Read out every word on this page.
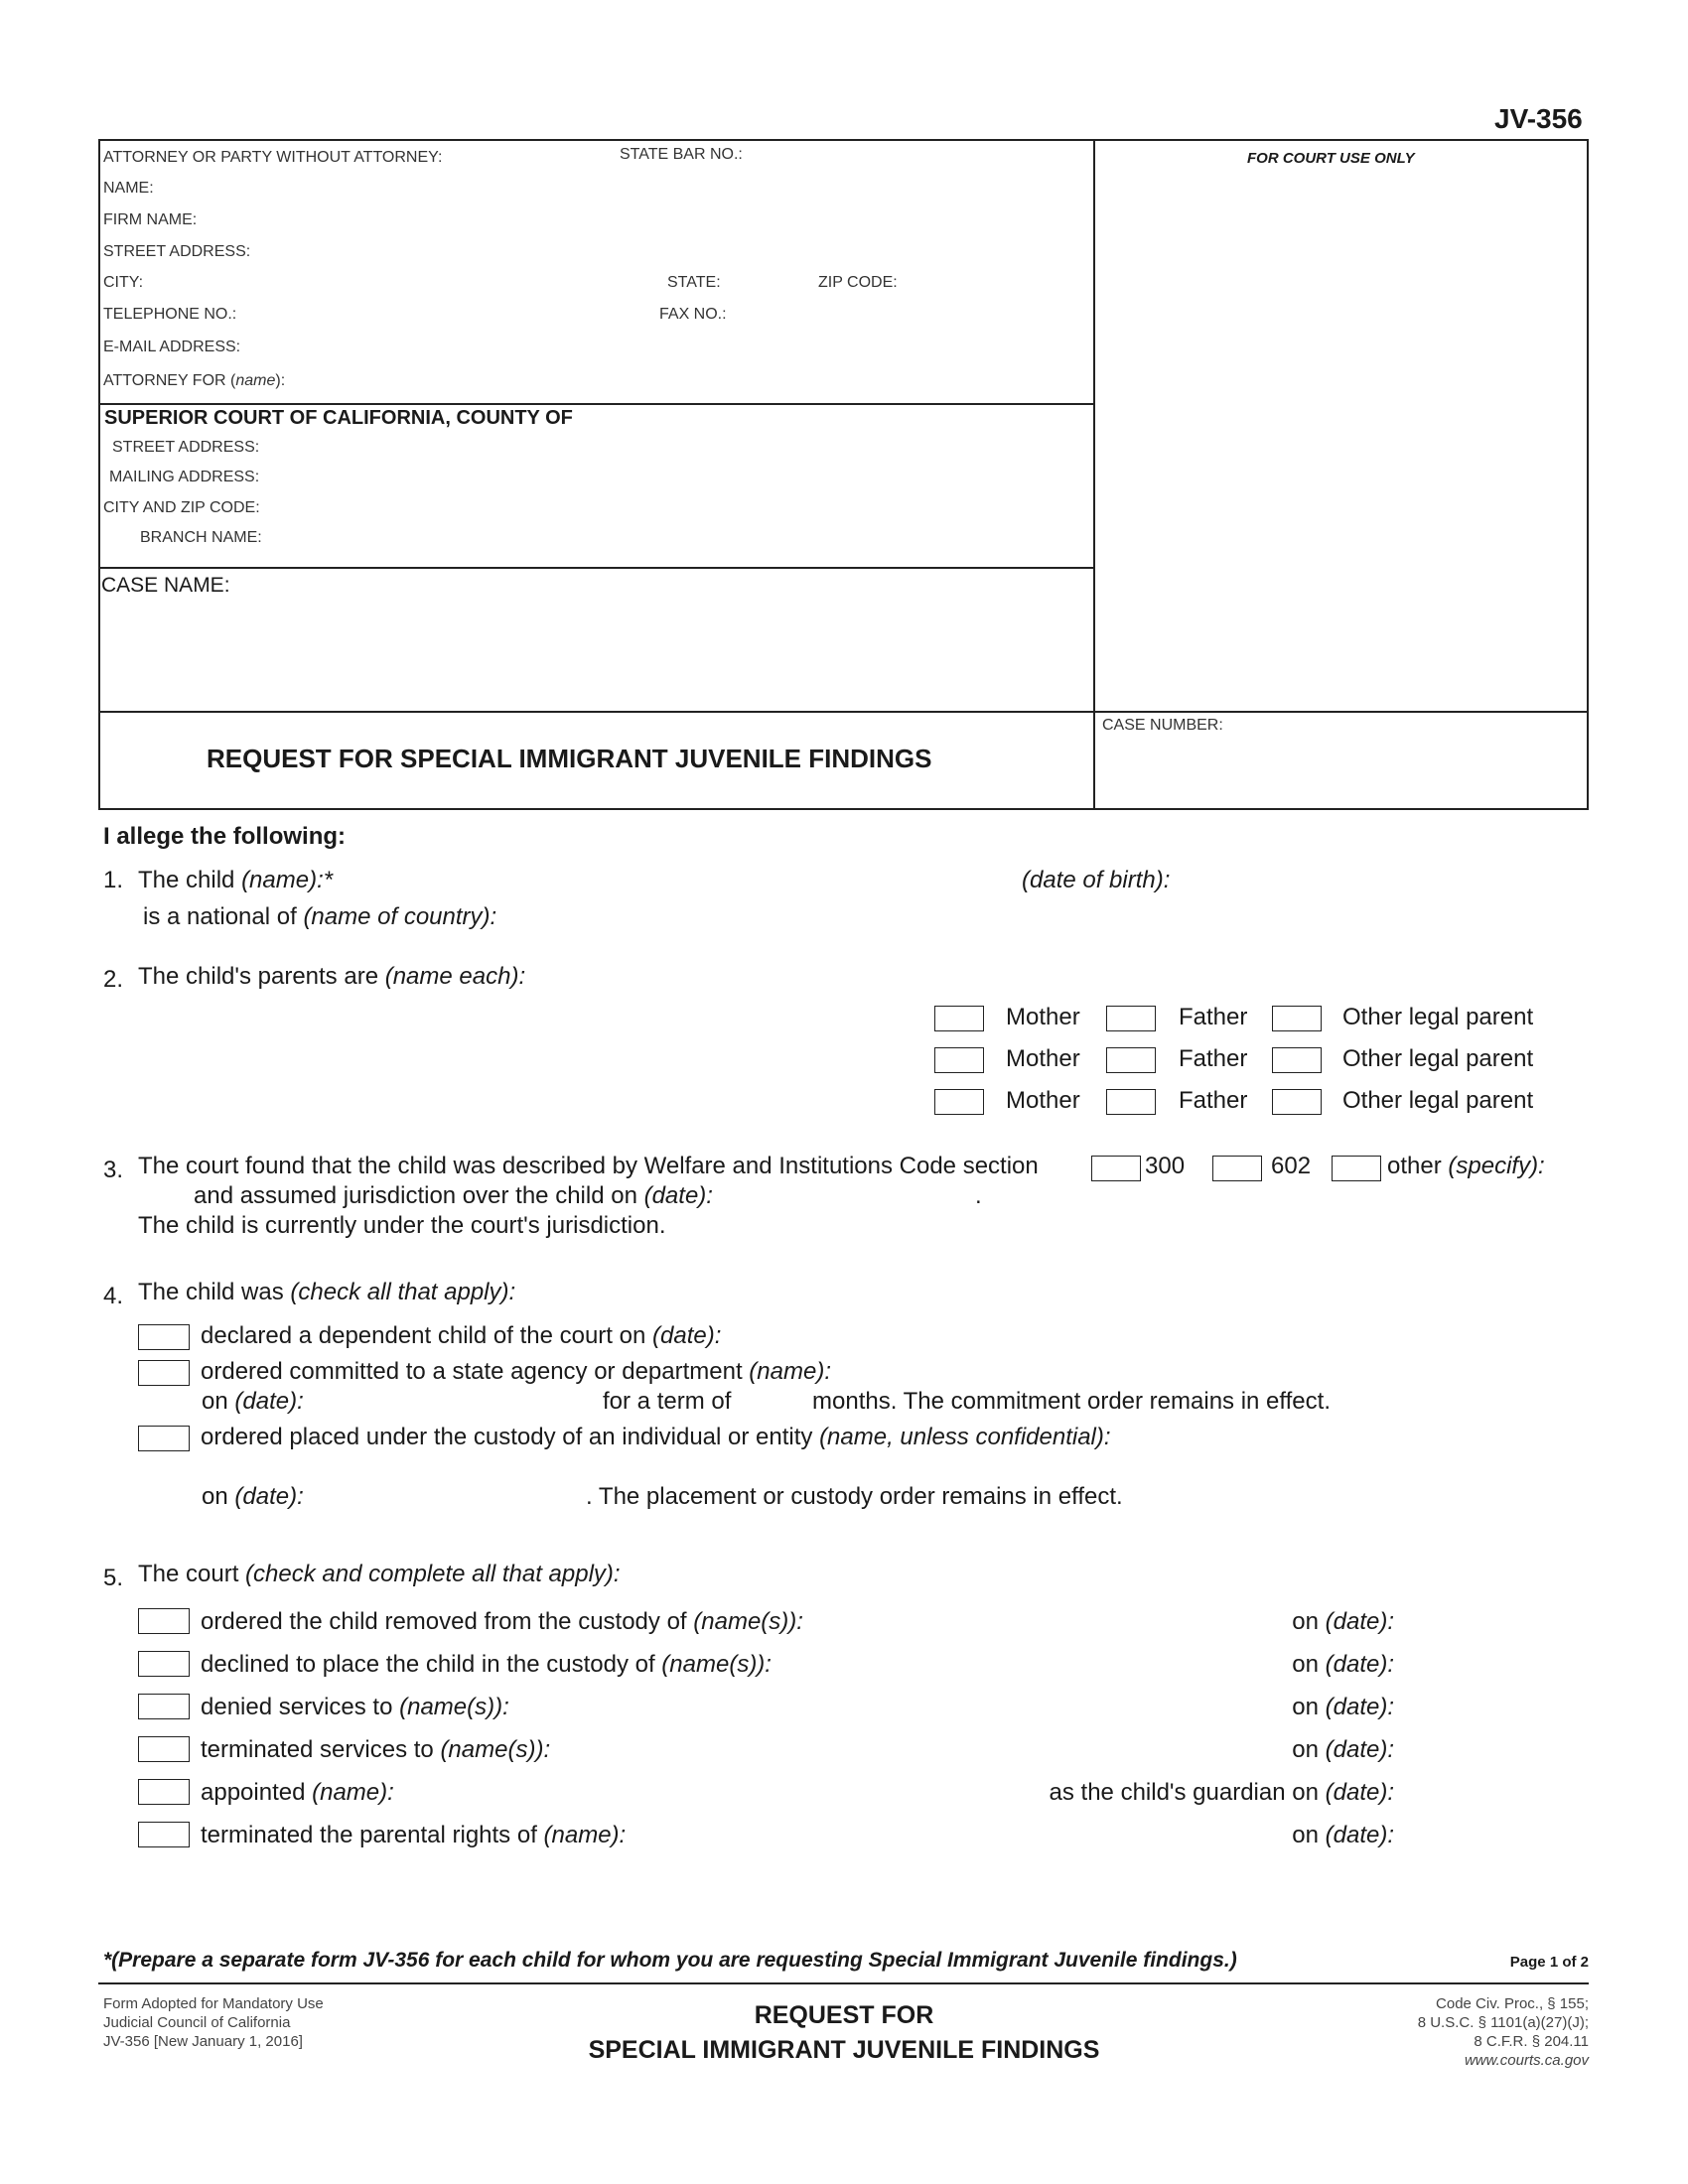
JV-356
ATTORNEY OR PARTY WITHOUT ATTORNEY:	STATE BAR NO.:
NAME:
FIRM NAME:
STREET ADDRESS:
CITY:	STATE:	ZIP CODE:
TELEPHONE NO.:	FAX NO.:
E-MAIL ADDRESS:
ATTORNEY FOR (name):
FOR COURT USE ONLY
SUPERIOR COURT OF CALIFORNIA, COUNTY OF
STREET ADDRESS:
MAILING ADDRESS:
CITY AND ZIP CODE:
BRANCH NAME:
CASE NAME:
REQUEST FOR SPECIAL IMMIGRANT JUVENILE FINDINGS
CASE NUMBER:
I allege the following:
1. The child (name):*	(date of birth):
is a national of (name of country):
2. The child's parents are (name each):
Mother	Father	Other legal parent
Mother	Father	Other legal parent
Mother	Father	Other legal parent
3. The court found that the child was described by Welfare and Institutions Code section	300	602	other (specify):
and assumed jurisdiction over the child on (date):	.
The child is currently under the court's jurisdiction.
4. The child was (check all that apply):
declared a dependent child of the court on (date):
ordered committed to a state agency or department (name):
on (date):	for a term of	months. The commitment order remains in effect.
ordered placed under the custody of an individual or entity (name, unless confidential):
on (date):	. The placement or custody order remains in effect.
5. The court (check and complete all that apply):
ordered the child removed from the custody of (name(s)):	on (date):
declined to place the child in the custody of (name(s)):	on (date):
denied services to (name(s)):	on (date):
terminated services to (name(s)):	on (date):
appointed (name):	as the child's guardian on (date):
terminated the parental rights of (name):	on (date):
*(Prepare a separate form JV-356 for each child for whom you are requesting Special Immigrant Juvenile findings.)	Page 1 of 2
Form Adopted for Mandatory Use
Judicial Council of California
JV-356 [New January 1, 2016]
REQUEST FOR
SPECIAL IMMIGRANT JUVENILE FINDINGS
Code Civ. Proc., § 155;
8 U.S.C. § 1101(a)(27)(J);
8 C.F.R. § 204.11
www.courts.ca.gov
